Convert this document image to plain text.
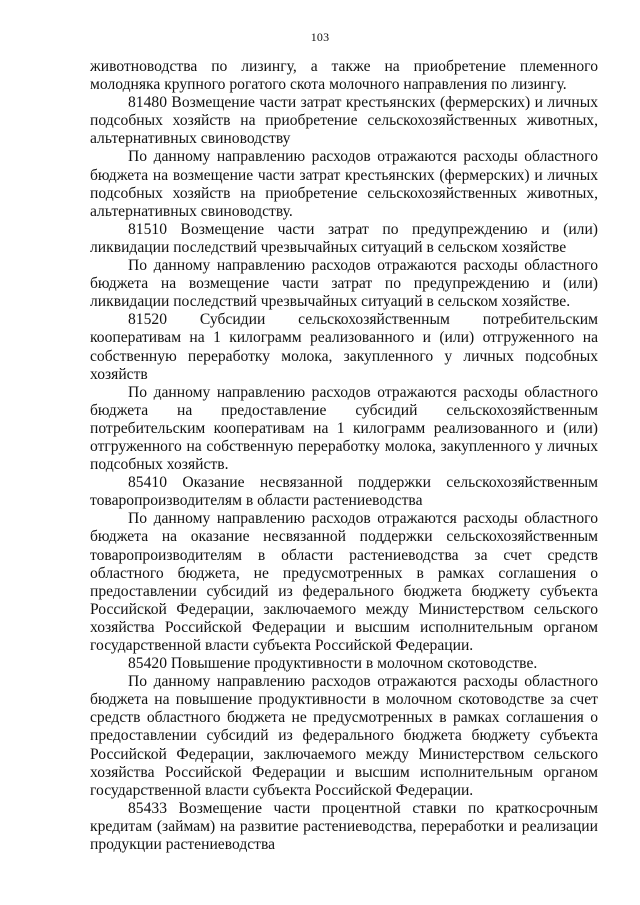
103

животноводства по лизингу, а также на приобретение племенного молодняка крупного рогатого скота молочного направления по лизингу.

81480 Возмещение части затрат крестьянских (фермерских) и личных подсобных хозяйств на приобретение сельскохозяйственных животных, альтернативных свиноводству

По данному направлению расходов отражаются расходы областного бюджета на возмещение части затрат крестьянских (фермерских) и личных подсобных хозяйств на приобретение сельскохозяйственных животных, альтернативных свиноводству.

81510 Возмещение части затрат по предупреждению и (или) ликвидации последствий чрезвычайных ситуаций в сельском хозяйстве

По данному направлению расходов отражаются расходы областного бюджета на возмещение части затрат по предупреждению и (или) ликвидации последствий чрезвычайных ситуаций в сельском хозяйстве.

81520 Субсидии сельскохозяйственным потребительским кооперативам на 1 килограмм реализованного и (или) отгруженного на собственную переработку молока, закупленного у личных подсобных хозяйств

По данному направлению расходов отражаются расходы областного бюджета на предоставление субсидий сельскохозяйственным потребительским кооперативам на 1 килограмм реализованного и (или) отгруженного на собственную переработку молока, закупленного у личных подсобных хозяйств.

85410 Оказание несвязанной поддержки сельскохозяйственным товаропроизводителям в области растениеводства

По данному направлению расходов отражаются расходы областного бюджета на оказание несвязанной поддержки сельскохозяйственным товаропроизводителям в области растениеводства за счет средств областного бюджета, не предусмотренных в рамках соглашения о предоставлении субсидий из федерального бюджета бюджету субъекта Российской Федерации, заключаемого между Министерством сельского хозяйства Российской Федерации и высшим исполнительным органом государственной власти субъекта Российской Федерации.

85420 Повышение продуктивности в молочном скотоводстве.

По данному направлению расходов отражаются расходы областного бюджета на повышение продуктивности в молочном скотоводстве за счет средств областного бюджета не предусмотренных в рамках соглашения о предоставлении субсидий из федерального бюджета бюджету субъекта Российской Федерации, заключаемого между Министерством сельского хозяйства Российской Федерации и высшим исполнительным органом государственной власти субъекта Российской Федерации.

85433 Возмещение части процентной ставки по краткосрочным кредитам (займам) на развитие растениеводства, переработки и реализации продукции растениеводства
